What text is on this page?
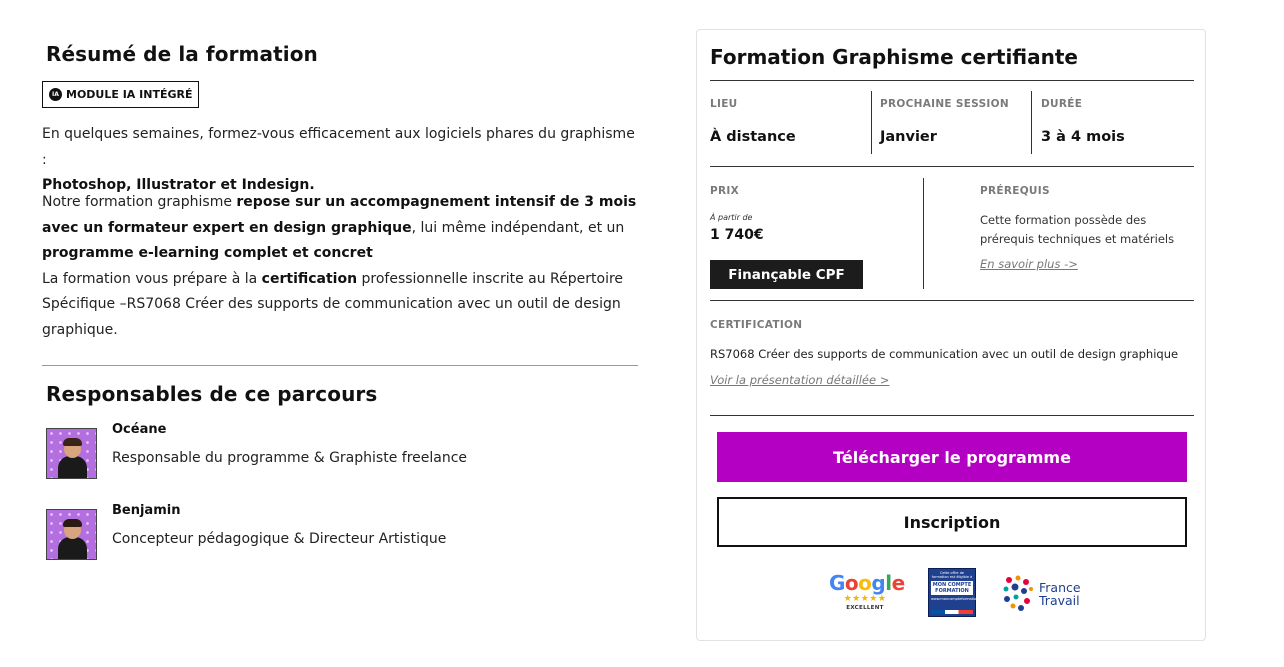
Résumé de la formation
IA MODULE IA INTÉGRÉ
En quelques semaines, formez-vous efficacement aux logiciels phares du graphisme :
Photoshop, Illustrator et Indesign.
Notre formation graphisme repose sur un accompagnement intensif de 3 mois avec un formateur expert en design graphique, lui même indépendant, et un programme e-learning complet et concret
La formation vous prépare à la certification professionnelle inscrite au Répertoire Spécifique –RS7068 Créer des supports de communication avec un outil de design graphique.
Responsables de ce parcours
Océane
Responsable du programme & Graphiste freelance
Benjamin
Concepteur pédagogique & Directeur Artistique
Formation Graphisme certifiante
LIEU
À distance
PROCHAINE SESSION
Janvier
DURÉE
3 à 4 mois
PRIX
À partir de
1 740€
Finançable CPF
PRÉREQUIS
Cette formation possède des prérequis techniques et matériels
En savoir plus ->
CERTIFICATION
RS7068 Créer des supports de communication avec un outil de design graphique
Voir la présentation détaillée >
Télécharger le programme
Inscription
Google
★★★★★
EXCELLENT
Cette offre de formation est éligible à
MON COMPTE FORMATION
www.moncompteformation.gouv.fr
France
Travail
